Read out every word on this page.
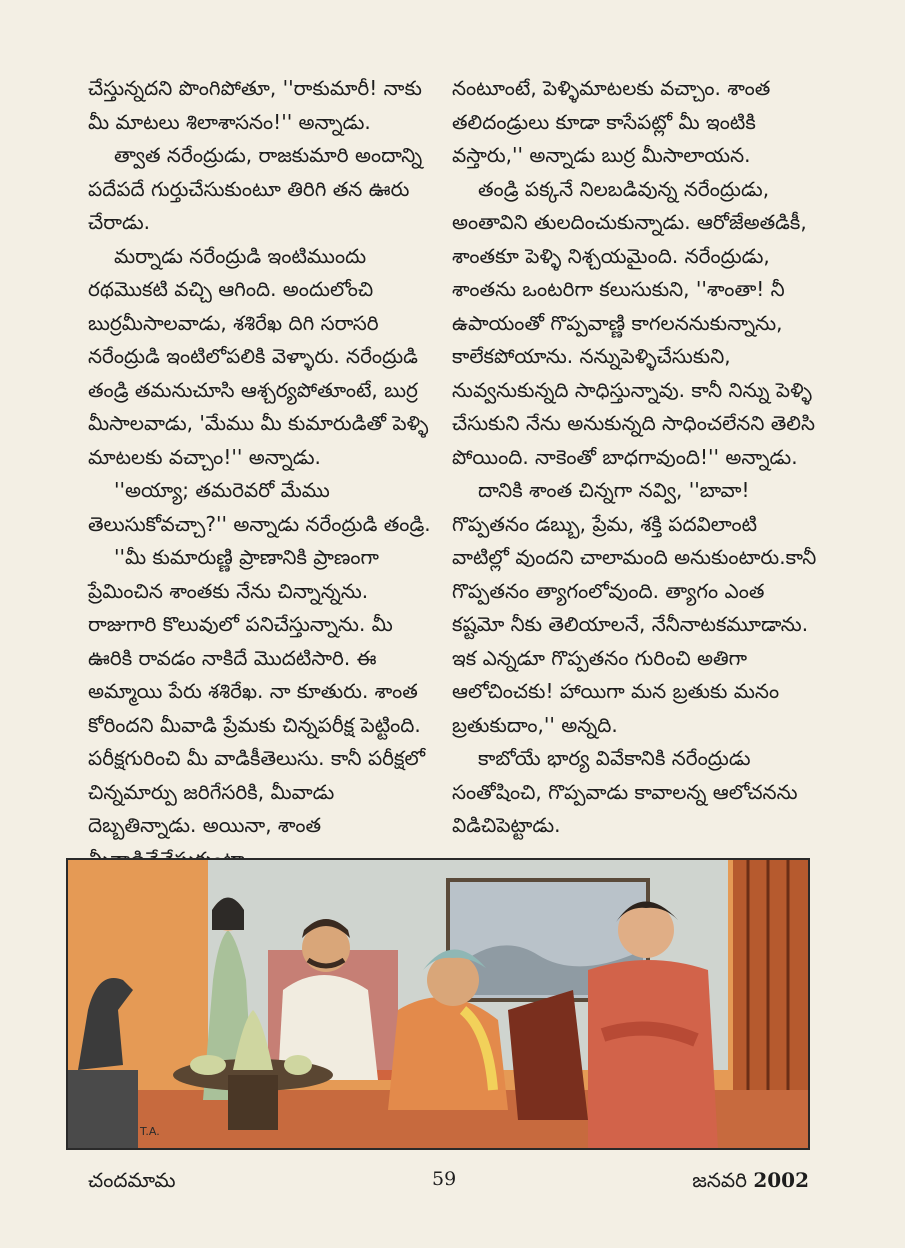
చేస్తున్నదని పొంగిపోతూ, ''రాకుమారీ! నాకు మీ మాటలు శిలాశాసనం!'' అన్నాడు.

త్వాత నరేంద్రుడు, రాజకుమారి అందాన్ని పదేపదే గుర్తుచేసుకుంటూ తిరిగి తన ఊరు చేరాడు.

మర్నాడు నరేంద్రుడి ఇంటిముందు రథమొకటి వచ్చి ఆగింది. అందులోంచి బుర్రమీసాలవాడు, శశిరేఖ దిగి సరాసరి నరేంద్రుడి ఇంటిలోపలికి వెళ్ళారు. నరేంద్రుడి తండ్రి తమనుచూసి ఆశ్చర్యపోతూంటే, బుర్ర మీసాలవాడు, 'మేము మీ కుమారుడితో పెళ్ళి మాటలకు వచ్చాం!'' అన్నాడు.

''అయ్యా; తమరెవరో మేము తెలుసుకోవచ్చా?'' అన్నాడు నరేంద్రుడి తండ్రి.

''మీ కుమారుణ్ణి ప్రాణానికి ప్రాణంగా ప్రేమించిన శాంతకు నేను చిన్నాన్నను. రాజుగారి కొలువులో పనిచేస్తున్నాను. మీ ఊరికి రావడం నాకిదే మొదటిసారి. ఈ అమ్మాయి పేరు శశిరేఖ. నా కూతురు. శాంత కోరిందని మీవాడి ప్రేమకు చిన్నపరీక్ష పెట్టింది. పరీక్షగురించి మీ వాడికీతెలుసు. కానీ పరీక్షలో చిన్నమార్పు జరిగేసరికి, మీవాడు దెబ్బతిన్నాడు. అయినా, శాంత

నంటూంటే, పెళ్ళిమాటలకు వచ్చాం. శాంత తలిదండ్రులు కూడా కాసేపట్లో మీ ఇంటికి వస్తారు,'' అన్నాడు బుర్ర మీసాలాయన.

తండ్రి పక్కనే నిలబడివున్న నరేంద్రుడు, అంతావిని తులదించుకున్నాడు. ఆరోజేఅతడికీ, శాంతకూ పెళ్ళి నిశ్చయమైంది. నరేంద్రుడు, శాంతను ఒంటరిగా కలుసుకుని, ''శాంతా! నీ ఉపాయంతో గొప్పవాణ్ణి కాగలననుకున్నాను, కాలేకపోయాను. నన్నుపెళ్ళిచేసుకుని, నువ్వనుకున్నది సాధిస్తున్నావు. కానీ నిన్ను పెళ్ళి చేసుకుని నేను అనుకున్నది సాధించలేనని తెలిసి పోయింది. నాకెంతో బాధగావుంది!'' అన్నాడు.

దానికి శాంత చిన్నగా నవ్వి, ''బావా! గొప్పతనం డబ్బు, ప్రేమ, శక్తి పదవిలాంటి వాటిల్లో వుందని చాలామంది అనుకుంటారు.కానీ గొప్పతనం త్యాగంలోవుంది. త్యాగం ఎంత కష్టమో నీకు తెలియాలనే, నేనీనాటకమూడాను. ఇక ఎన్నడూ గొప్పతనం గురించి అతిగా ఆలోచించకు! హాయిగా మన బ్రతుకు మనం బ్రతుకుదాం,'' అన్నది.

కాబోయే భార్య వివేకానికి నరేంద్రుడు సంతోషించి, గొప్పవాడు కావాలన్న ఆలోచనను విడిచిపెట్టాడు.

T.A.
చందమామ	59	జనవరి 2002
